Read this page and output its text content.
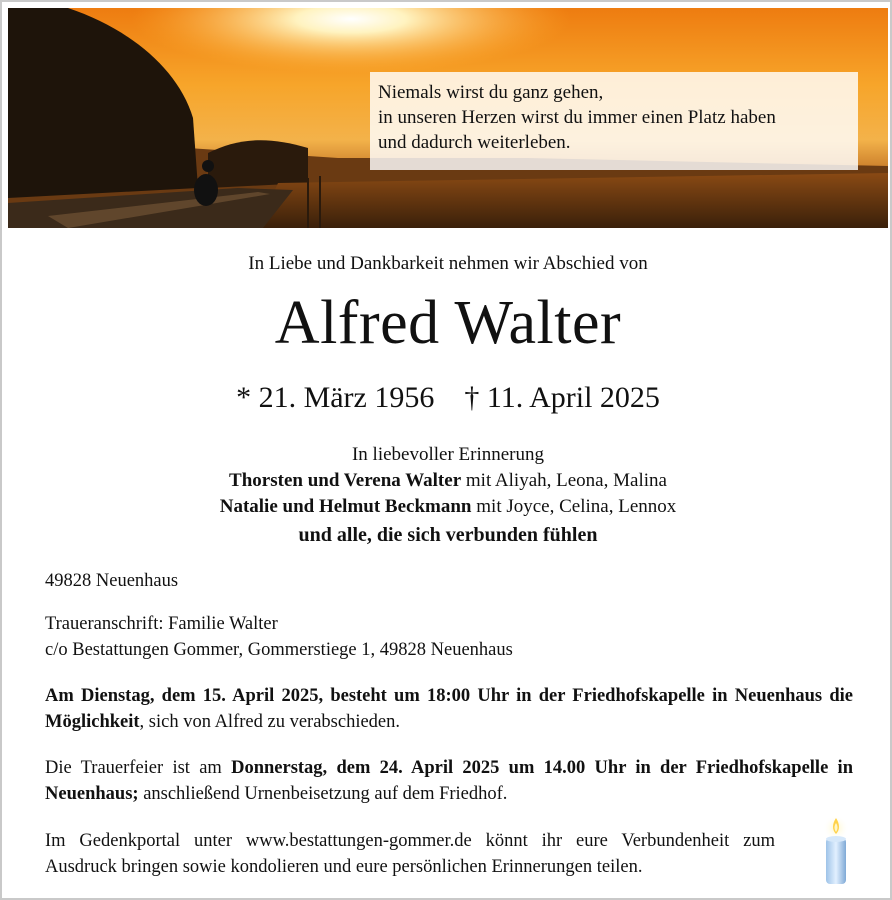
Niemals wirst du ganz gehen,
in unseren Herzen wirst du immer einen Platz haben
und dadurch weiterleben.
In Liebe und Dankbarkeit nehmen wir Abschied von
Alfred Walter
* 21. März 1956 † 11. April 2025
In liebevoller Erinnerung
Thorsten und Verena Walter mit Aliyah, Leona, Malina
Natalie und Helmut Beckmann mit Joyce, Celina, Lennox
und alle, die sich verbunden fühlen
49828 Neuenhaus
Traueranschrift: Familie Walter
c/o Bestattungen Gommer, Gommerstiege 1, 49828 Neuenhaus
Am Dienstag, dem 15. April 2025, besteht um 18:00 Uhr in der Friedhofskapelle in Neuenhaus die Möglichkeit, sich von Alfred zu verabschieden.
Die Trauerfeier ist am Donnerstag, dem 24. April 2025 um 14.00 Uhr in der Friedhofskapelle in Neuenhaus; anschließend Urnenbeisetzung auf dem Friedhof.
Im Gedenkportal unter www.bestattungen-gommer.de könnt ihr eure Verbundenheit zum Ausdruck bringen sowie kondolieren und eure persönlichen Erinnerungen teilen.
